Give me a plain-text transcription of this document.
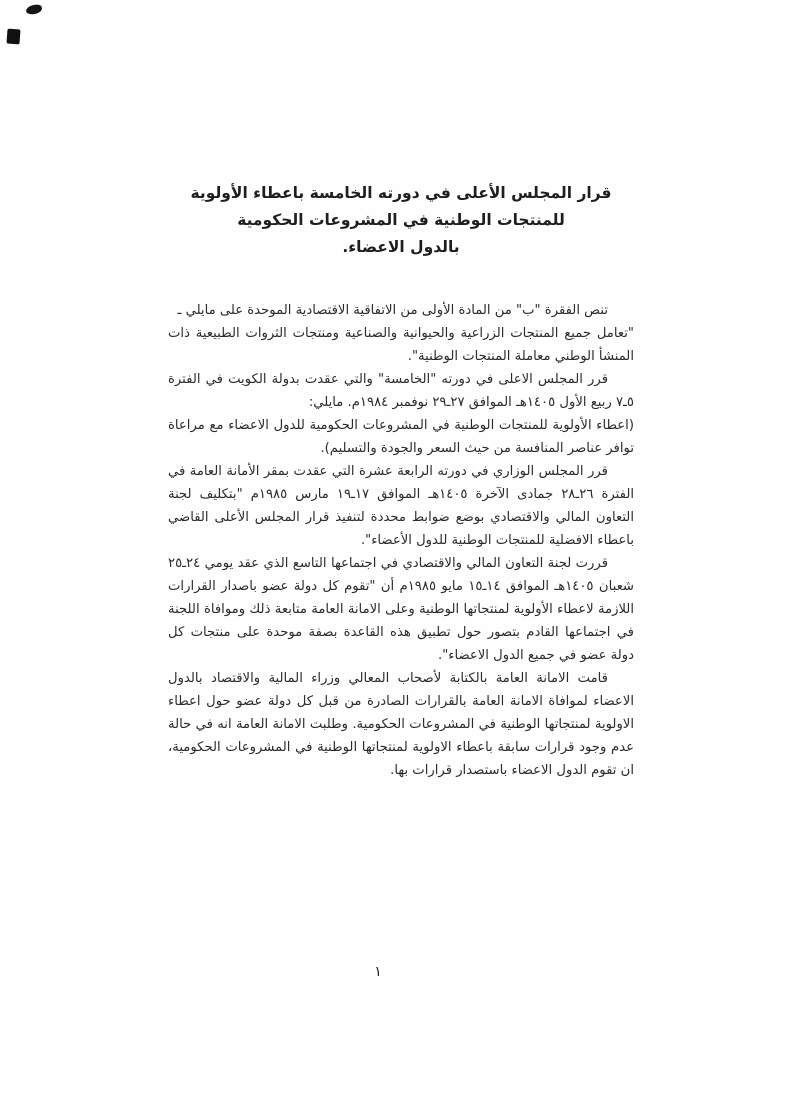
قرار المجلس الأعلى في دورته الخامسة باعطاء الأولوية
للمنتجات الوطنية في المشروعات الحكومية
بالدول الاعضاء.

تنص الفقرة "ب" من المادة الأولى من الاتفاقية الاقتصادية الموحدة على مايلي ـ

"تعامل جميع المنتجات الزراعية والحيوانية والصناعية ومنتجات الثروات الطبيعية ذات المنشأ الوطني معاملة المنتجات الوطنية".

قرر المجلس الاعلى في دورته "الخامسة" والتي عقدت بدولة الكويت في الفترة ٥ـ٧ ربيع الأول ١٤٠٥هـ الموافق ٢٧ـ٢٩ نوفمبر ١٩٨٤م. مايلي:

(اعطاء الأولوية للمنتجات الوطنية في المشروعات الحكومية للدول الاعضاء مع مراعاة توافر عناصر المنافسة من حيث السعر والجودة والتسليم).

قرر المجلس الوزاري في دورته الرابعة عشرة التي عقدت بمقر الأمانة العامة في الفترة ٢٦ـ٢٨ جمادى الآخرة ١٤٠٥هـ الموافق ١٧ـ١٩ مارس ١٩٨٥م "بتكليف لجنة التعاون المالي والاقتصادي بوضع ضوابط محددة لتنفيذ قرار المجلس الأعلى القاضي باعطاء الافضلية للمنتجات الوطنية للدول الأعضاء".

قررت لجنة التعاون المالي والاقتصادي في اجتماعها التاسع الذي عقد يومي ٢٤ـ٢٥ شعبان ١٤٠٥هـ الموافق ١٤ـ١٥ مايو ١٩٨٥م أن "تقوم كل دولة عضو باصدار القرارات اللازمة لاعطاء الأولوية لمنتجاتها الوطنية وعلى الامانة العامة متابعة ذلك وموافاة اللجنة في اجتماعها القادم بتصور حول تطبيق هذه القاعدة بصفة موحدة على منتجات كل دولة عضو في جميع الدول الاعضاء".

قامت الامانة العامة بالكتابة لأصحاب المعالي وزراء المالية والاقتصاد بالدول الاعضاء لموافاة الامانة العامة بالقرارات الصادرة من قبل كل دولة عضو حول اعطاء الاولوية لمنتجاتها الوطنية في المشروعات الحكومية. وطلبت الامانة العامة انه في حالة عدم وجود قرارات سابقة باعطاء الاولوية لمنتجاتها الوطنية في المشروعات الحكومية، ان تقوم الدول الاعضاء باستصدار قرارات بها.

١
